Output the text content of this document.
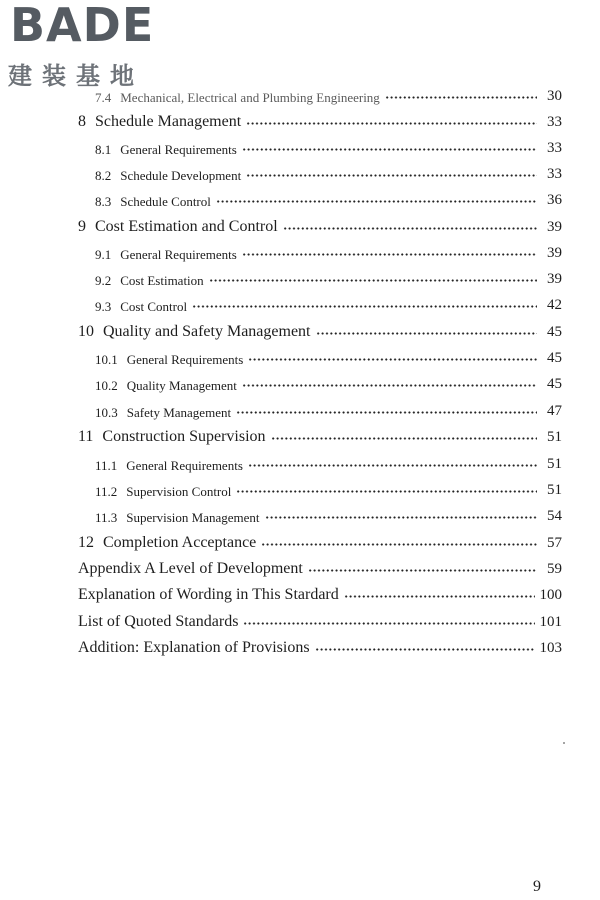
BADE

建装基地

7.4 Mechanical, Electrical and Plumbing Engineering	30
8 Schedule Management	33
8.1 General Requirements	33
8.2 Schedule Development	33
8.3 Schedule Control	36
9 Cost Estimation and Control	39
9.1 General Requirements	39
9.2 Cost Estimation	39
9.3 Cost Control	42
10 Quality and Safety Management	45
10.1 General Requirements	45
10.2 Quality Management	45
10.3 Safety Management	47
11 Construction Supervision	51
11.1 General Requirements	51
11.2 Supervision Control	51
11.3 Supervision Management	54
12 Completion Acceptance	57
Appendix A Level of Development	59
Explanation of Wording in This Stardard	100
List of Quoted Standards	101
Addition: Explanation of Provisions	103
9
